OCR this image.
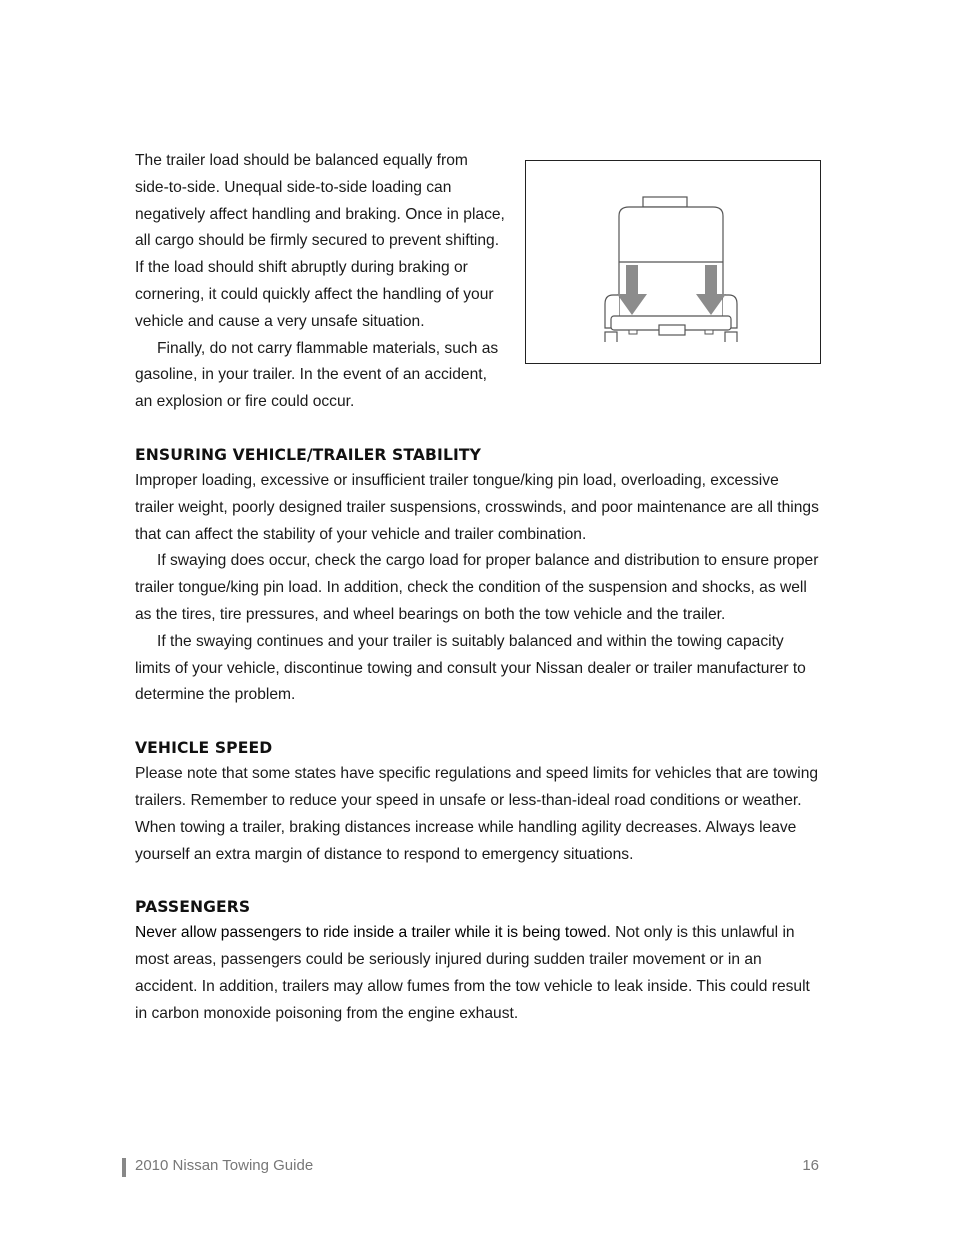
The trailer load should be balanced equally from side-to-side. Unequal side-to-side loading can negatively affect handling and braking. Once in place, all cargo should be firmly secured to prevent shifting. If the load should shift abruptly during braking or cornering, it could quickly affect the handling of your vehicle and cause a very unsafe situation.

Finally, do not carry flammable materials, such as gasoline, in your trailer. In the event of an accident, an explosion or fire could occur.

ENSURING VEHICLE/TRAILER STABILITY

Improper loading, excessive or insufficient trailer tongue/king pin load, overloading, excessive trailer weight, poorly designed trailer suspensions, crosswinds, and poor maintenance are all things that can affect the stability of your vehicle and trailer combination.

If swaying does occur, check the cargo load for proper balance and distribution to ensure proper trailer tongue/king pin load. In addition, check the condition of the suspension and shocks, as well as the tires, tire pressures, and wheel bearings on both the tow vehicle and the trailer.

If the swaying continues and your trailer is suitably balanced and within the towing capacity limits of your vehicle, discontinue towing and consult your Nissan dealer or trailer manufacturer to determine the problem.

VEHICLE SPEED

Please note that some states have specific regulations and speed limits for vehicles that are towing trailers. Remember to reduce your speed in unsafe or less-than-ideal road conditions or weather. When towing a trailer, braking distances increase while handling agility decreases. Always leave yourself an extra margin of distance to respond to emergency situations.

PASSENGERS

Never allow passengers to ride inside a trailer while it is being towed. Not only is this unlawful in most areas, passengers could be seriously injured during sudden trailer movement or in an accident. In addition, trailers may allow fumes from the tow vehicle to leak inside. This could result in carbon monoxide poisoning from the engine exhaust.

2010 Nissan Towing Guide	16
